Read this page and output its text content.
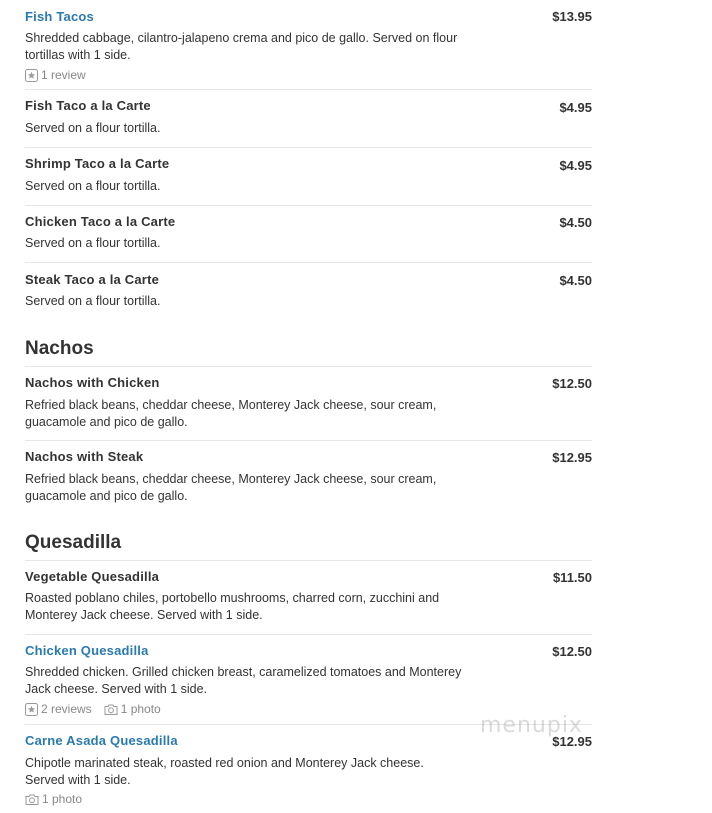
Fish Tacos	$13.95
Shredded cabbage, cilantro-jalapeno crema and pico de gallo. Served on flour tortillas with 1 side.
1 review
Fish Taco a la Carte	$4.95
Served on a flour tortilla.
Shrimp Taco a la Carte	$4.95
Served on a flour tortilla.
Chicken Taco a la Carte	$4.50
Served on a flour tortilla.
Steak Taco a la Carte	$4.50
Served on a flour tortilla.
Nachos
Nachos with Chicken	$12.50
Refried black beans, cheddar cheese, Monterey Jack cheese, sour cream, guacamole and pico de gallo.
Nachos with Steak	$12.95
Refried black beans, cheddar cheese, Monterey Jack cheese, sour cream, guacamole and pico de gallo.
Quesadilla
Vegetable Quesadilla	$11.50
Roasted poblano chiles, portobello mushrooms, charred corn, zucchini and Monterey Jack cheese. Served with 1 side.
Chicken Quesadilla	$12.50
Shredded chicken. Grilled chicken breast, caramelized tomatoes and Monterey Jack cheese. Served with 1 side.
2 reviews 1 photo
Carne Asada Quesadilla	$12.95
Chipotle marinated steak, roasted red onion and Monterey Jack cheese. Served with 1 side.
1 photo
menupix
